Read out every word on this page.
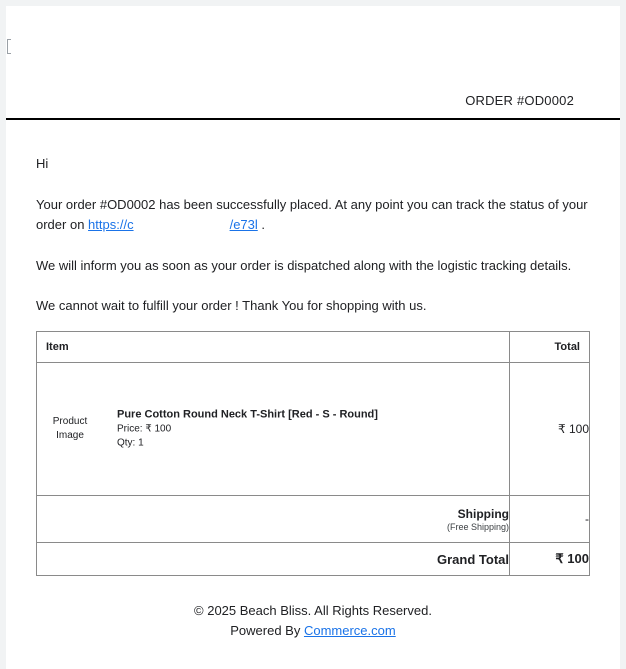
ORDER #OD0002
Hi
Your order #OD0002 has been successfully placed. At any point you can track the status of your order on https://c	/e73l .
We will inform you as soon as your order is dispatched along with the logistic tracking details.
We cannot wait to fulfill your order ! Thank You for shopping with us.
Item	Total

Product Image
Pure Cotton Round Neck T-Shirt [Red - S - Round]
Price: ₹ 100
Qty: 1	₹ 100

Shipping
(Free Shipping)	-
Grand Total	₹ 100
© 2025 Beach Bliss. All Rights Reserved.
Powered By Commerce.com
